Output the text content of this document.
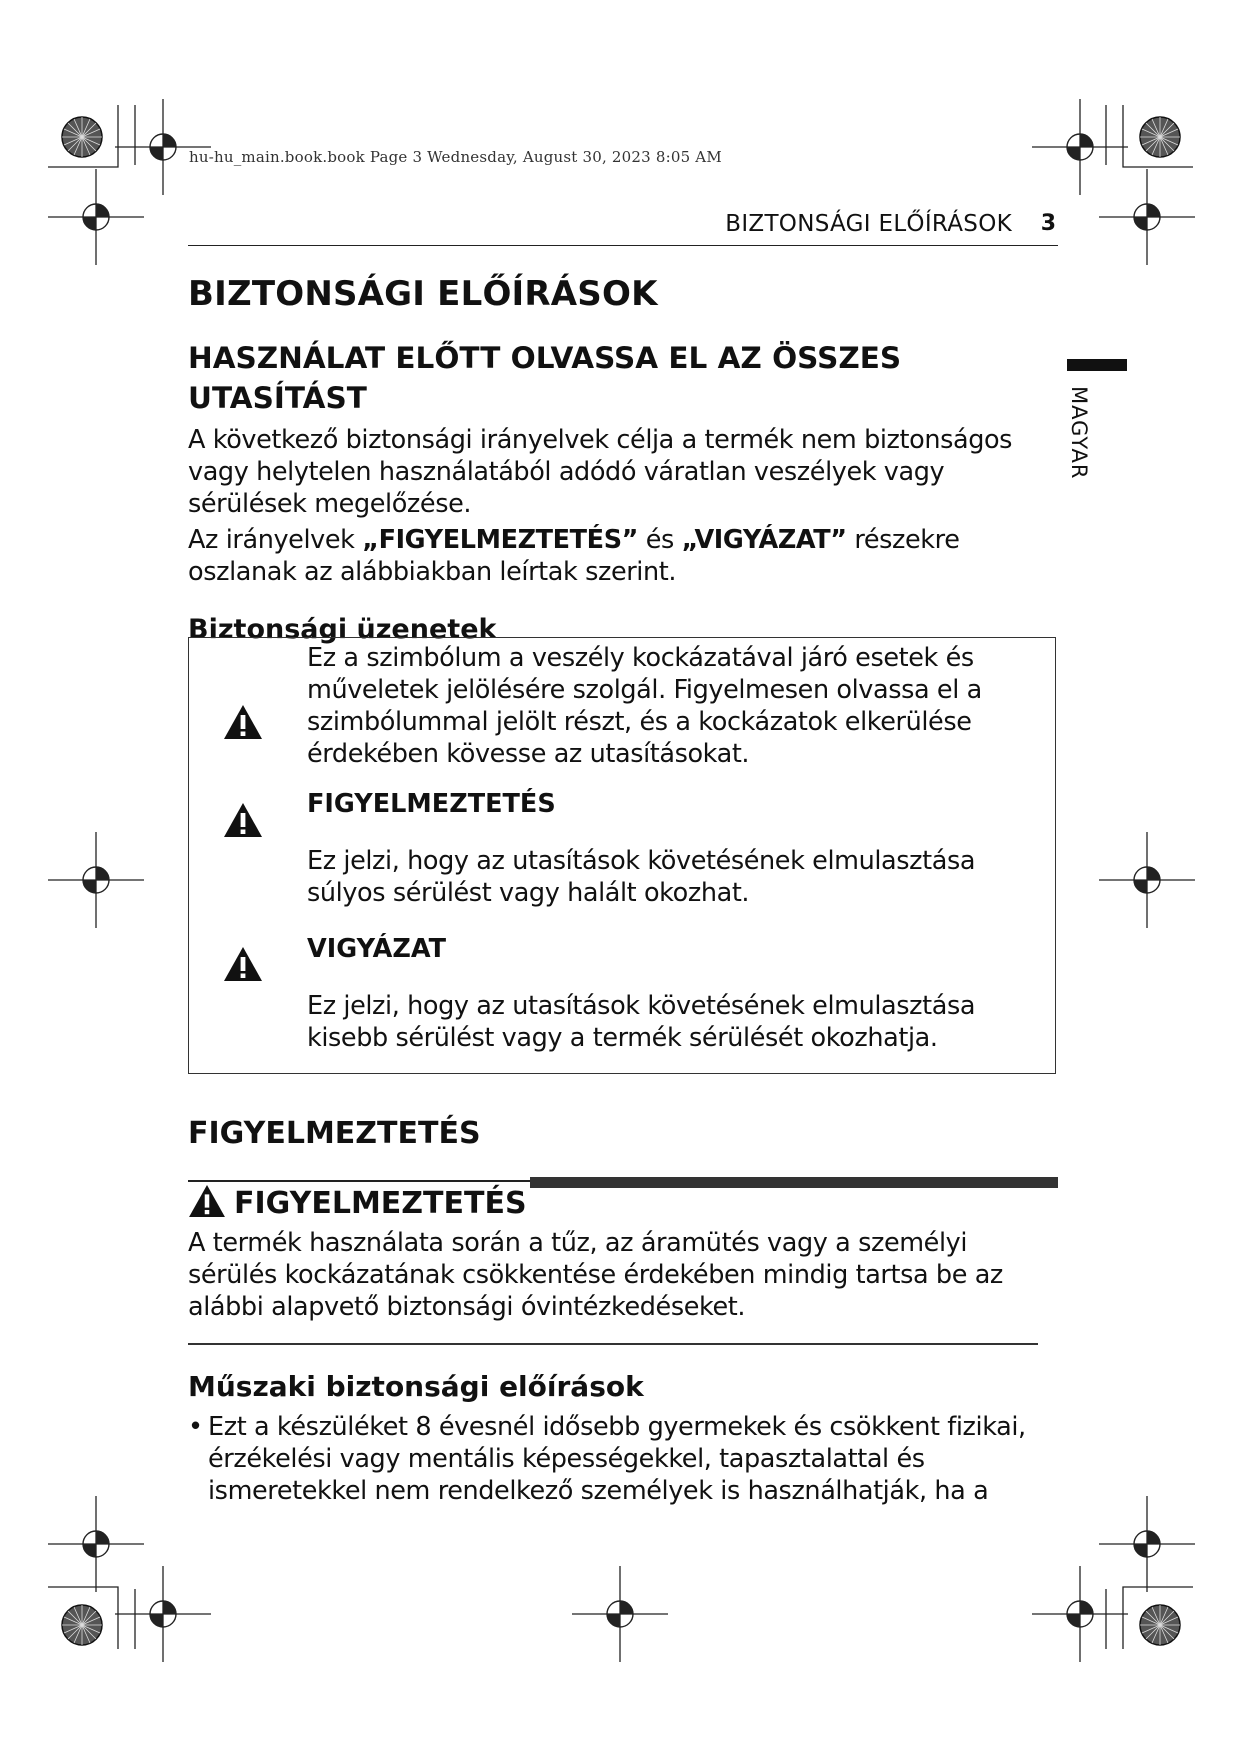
hu-hu_main.book.book Page 3 Wednesday, August 30, 2023 8:05 AM
BIZTONSÁGI ELŐÍRÁSOK 3
MAGYAR
BIZTONSÁGI ELŐÍRÁSOK
HASZNÁLAT ELŐTT OLVASSA EL AZ ÖSSZES UTASÍTÁST

A következő biztonsági irányelvek célja a termék nem biztonságos vagy helytelen használatából adódó váratlan veszélyek vagy sérülések megelőzése.

Az irányelvek „FIGYELMEZTETÉS” és „VIGYÁZAT” részekre oszlanak az alábbiakban leírtak szerint.

Biztonsági üzenetek
Ez a szimbólum a veszély kockázatával járó esetek és műveletek jelölésére szolgál. Figyelmesen olvassa el a szimbólummal jelölt részt, és a kockázatok elkerülése érdekében kövesse az utasításokat.
FIGYELMEZTETÉS
Ez jelzi, hogy az utasítások követésének elmulasztása súlyos sérülést vagy halált okozhat.
VIGYÁZAT
Ez jelzi, hogy az utasítások követésének elmulasztása kisebb sérülést vagy a termék sérülését okozhatja.
FIGYELMEZTETÉS
FIGYELMEZTETÉS
A termék használata során a tűz, az áramütés vagy a személyi sérülés kockázatának csökkentése érdekében mindig tartsa be az alábbi alapvető biztonsági óvintézkedéseket.
Műszaki biztonsági előírások
• Ezt a készüléket 8 évesnél idősebb gyermekek és csökkent fizikai, érzékelési vagy mentális képességekkel, tapasztalattal és ismeretekkel nem rendelkező személyek is használhatják, ha a
